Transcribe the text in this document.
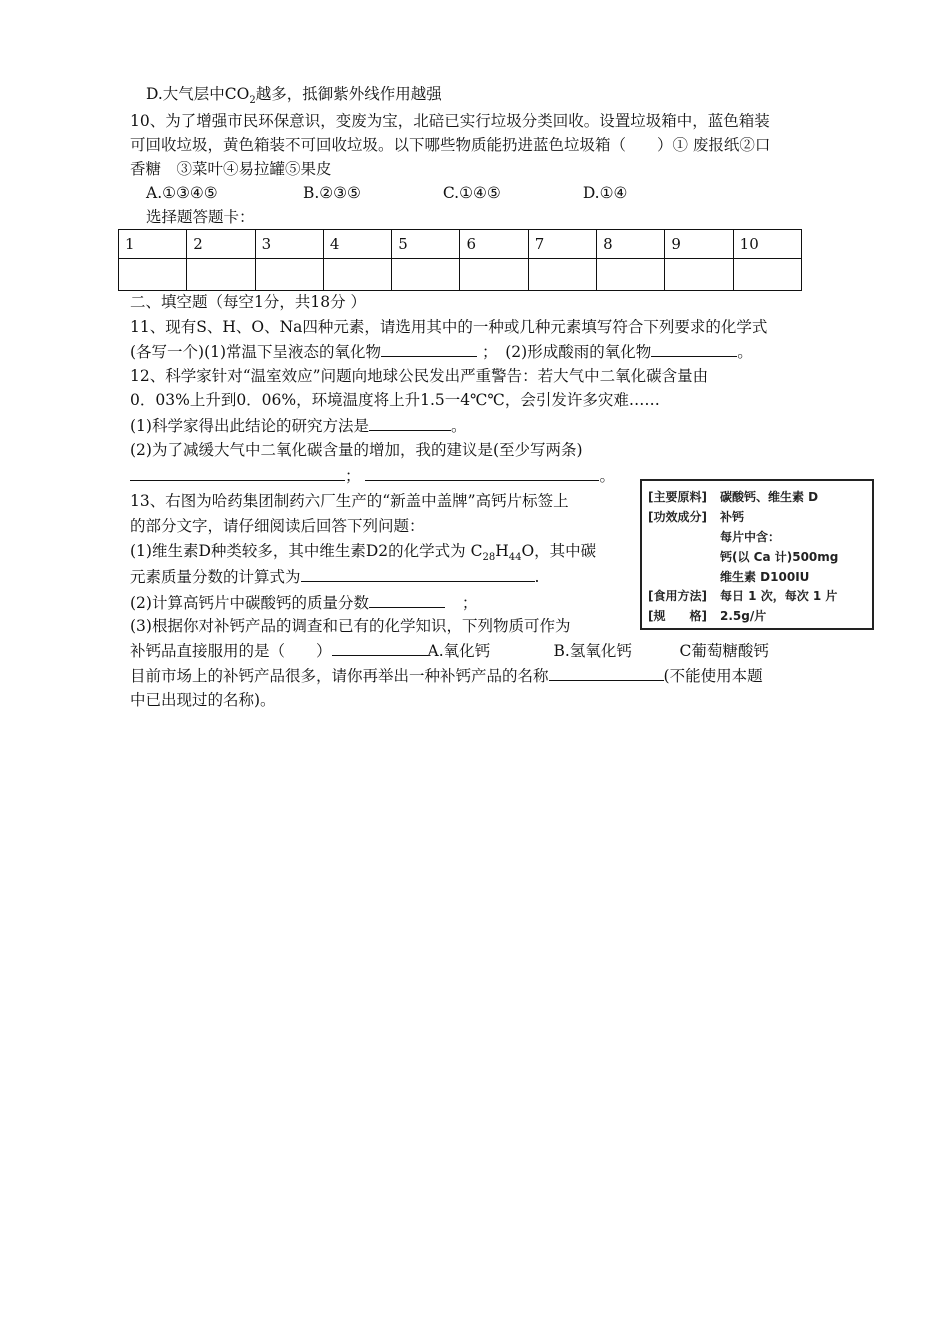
D.大气层中$CO_2$越多，抵御紫外线作用越强
10、为了增强市民环保意识，变废为宝，北碚已实行垃圾分类回收。设置垃圾箱中，蓝色箱装
可回收垃圾，黄色箱装不可回收垃圾。以下哪些物质能扔进蓝色垃圾箱（　　）① 废报纸②口
香糖　③菜叶④易拉罐⑤果皮
A.①③④⑤	B.②③⑤	C.①④⑤	D.①④
选择题答题卡：
1	2	3	4	5	6	7	8	9	10

二、填空题（每空1分，共18分 ）
11、现有S、H、O、Na四种元素，请选用其中的一种或几种元素填写符合下列要求的化学式
(各写一个)(1)常温下呈液态的氧化物	；　(2)形成酸雨的氧化物	。
12、科学家针对“温室效应”问题向地球公民发出严重警告：若大气中二氧化碳含量由
0．03%上升到0．06%，环境温度将上升1.5一4℃℃，会引发许多灾难……
(1)科学家得出此结论的研究方法是	。
(2)为了减缓大气中二氧化碳含量的增加，我的建议是(至少写两条)
；	。
13、右图为哈药集团制药六厂生产的“新盖中盖牌”高钙片标签上
的部分文字，请仔细阅读后回答下列问题：
(1)维生素D种类较多，其中维生素D2的化学式为 $C_{28}H_{44}O$，其中碳
元素质量分数的计算式为	.
(2)计算高钙片中碳酸钙的质量分数	；
(3)根据你对补钙产品的调查和已有的化学知识，下列物质可作为
补钙品直接服用的是（　　）	A.氧化钙	B.氢氧化钙	C葡萄糖酸钙
目前市场上的补钙产品很多，请你再举出一种补钙产品的名称	(不能使用本题
中已出现过的名称)。
[主要原料] 碳酸钙、维生素 D
[功效成分] 补钙
每片中含：
钙(以 Ca 计)500mg
维生素 D100IU
[食用方法] 每日 1 次，每次 1 片
[规　　格] 2.5g/片
